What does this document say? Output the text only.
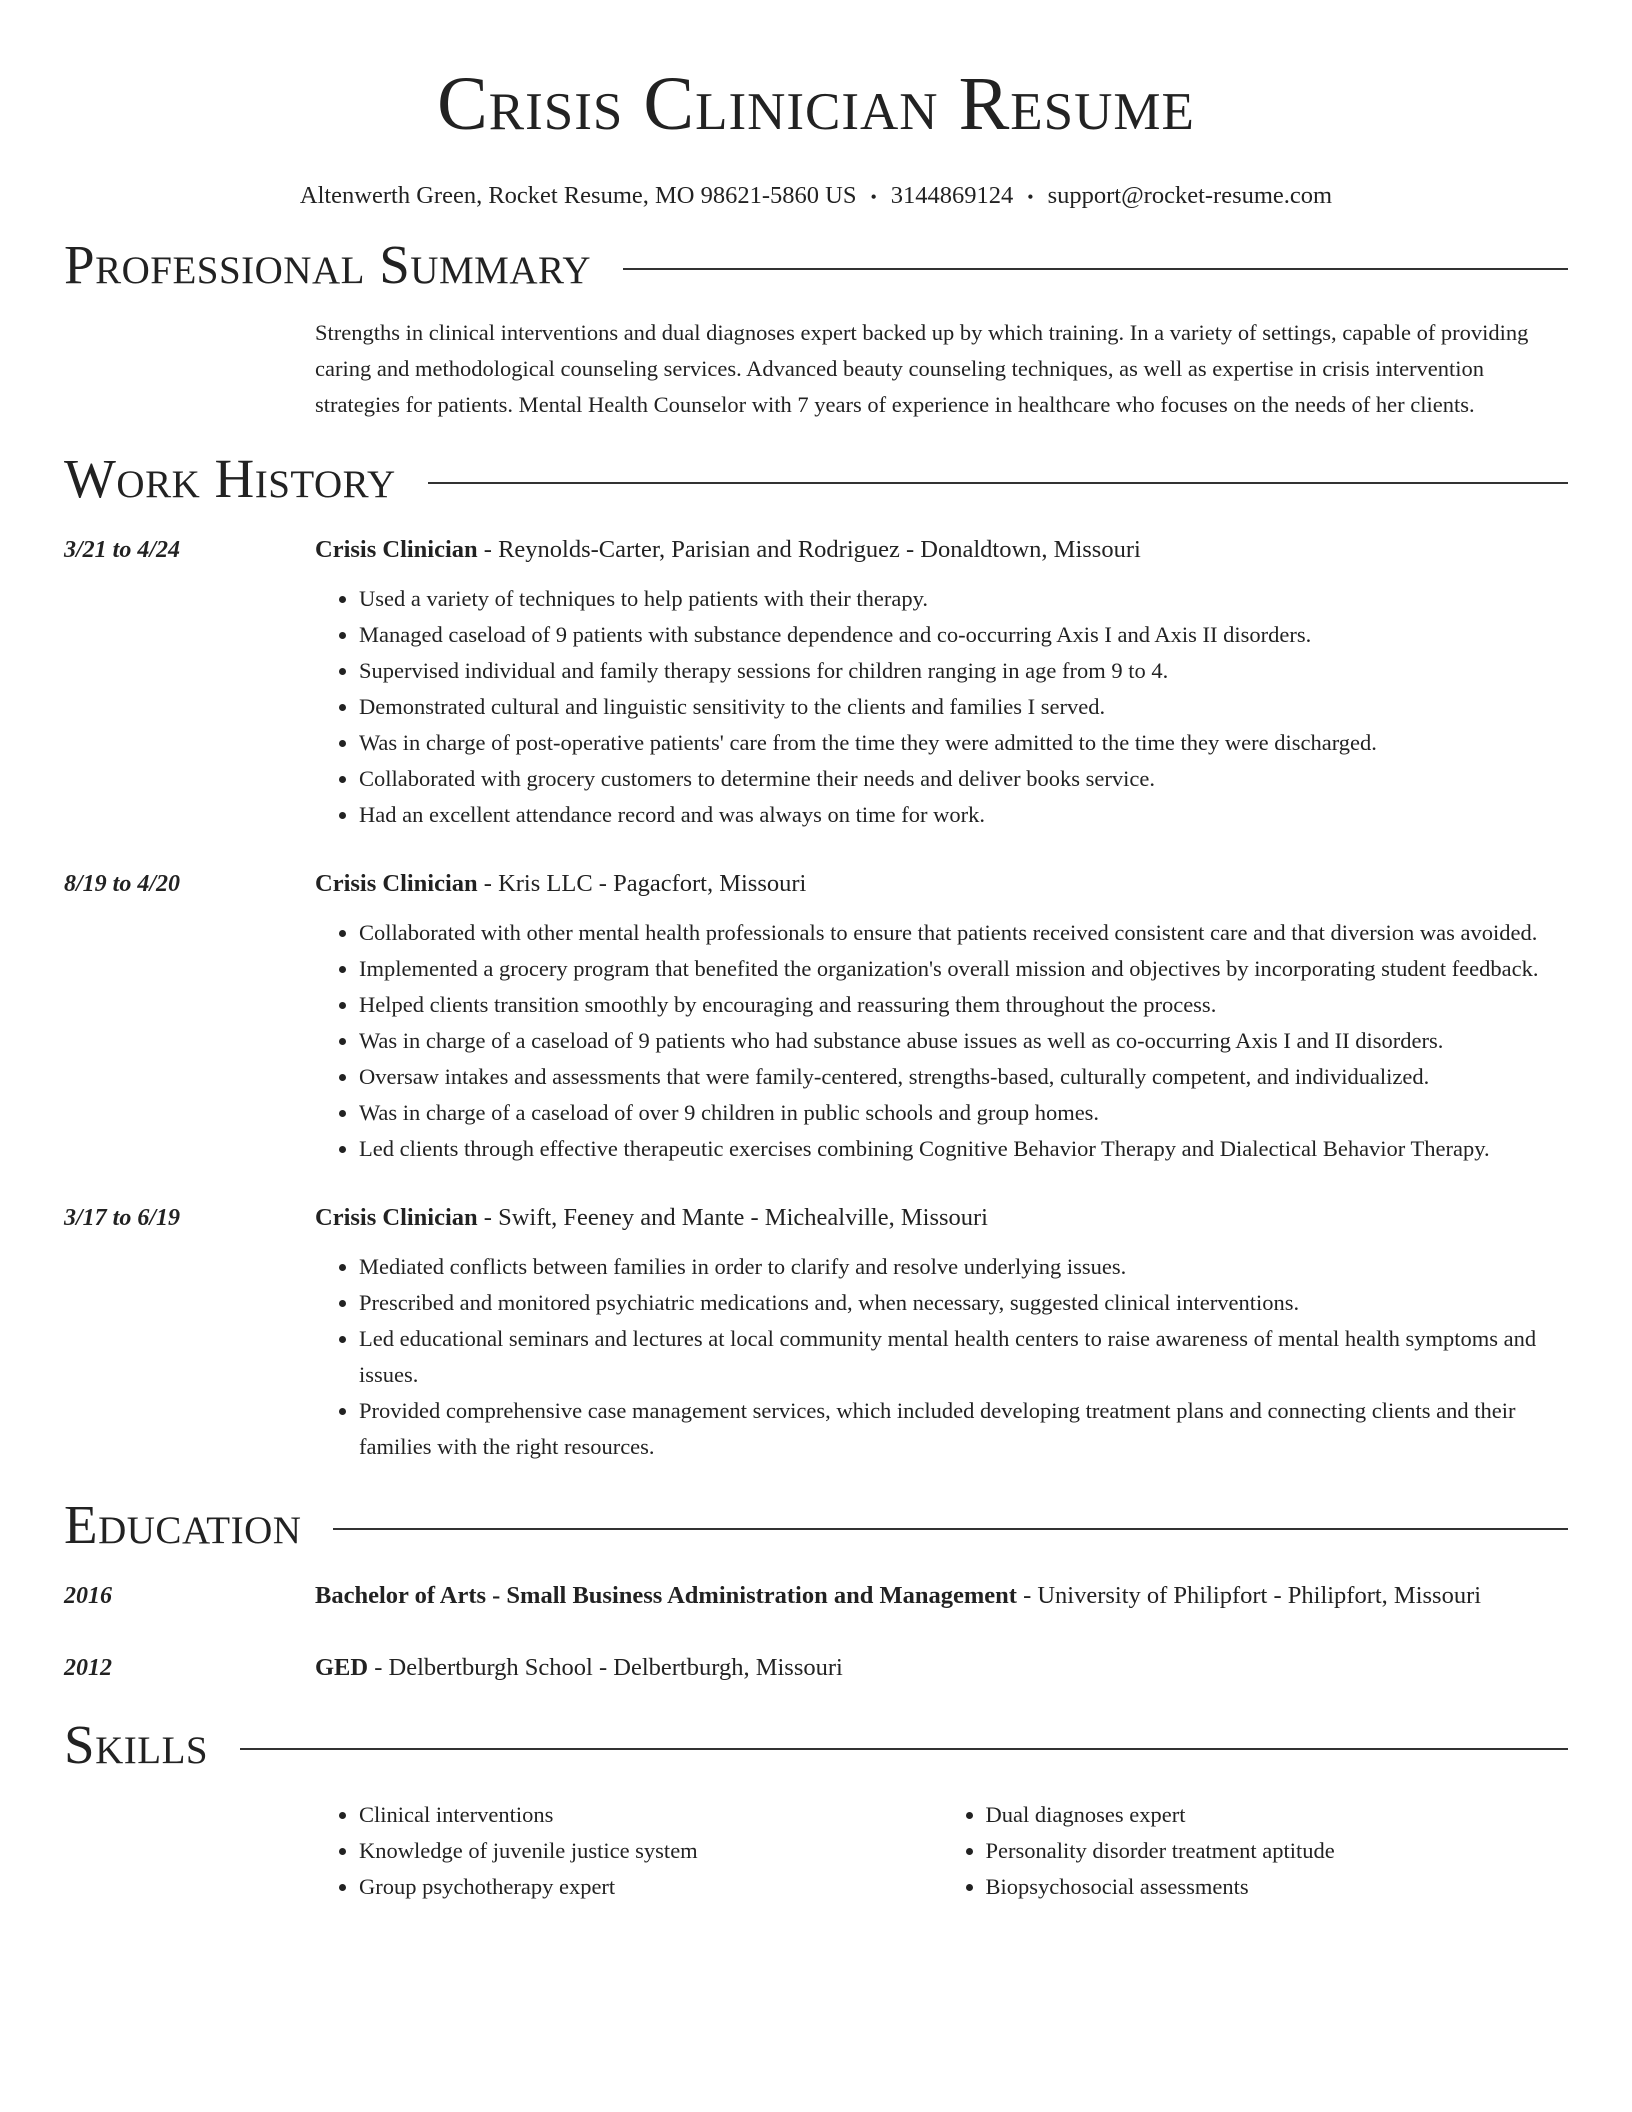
Crisis Clinician Resume
Altenwerth Green, Rocket Resume, MO 98621-5860 US • 3144869124 • support@rocket-resume.com
Professional Summary
Strengths in clinical interventions and dual diagnoses expert backed up by which training. In a variety of settings, capable of providing caring and methodological counseling services. Advanced beauty counseling techniques, as well as expertise in crisis intervention strategies for patients. Mental Health Counselor with 7 years of experience in healthcare who focuses on the needs of her clients.
Work History
3/21 to 4/24	Crisis Clinician - Reynolds-Carter, Parisian and Rodriguez - Donaldtown, Missouri
• Used a variety of techniques to help patients with their therapy.
• Managed caseload of 9 patients with substance dependence and co-occurring Axis I and Axis II disorders.
• Supervised individual and family therapy sessions for children ranging in age from 9 to 4.
• Demonstrated cultural and linguistic sensitivity to the clients and families I served.
• Was in charge of post-operative patients' care from the time they were admitted to the time they were discharged.
• Collaborated with grocery customers to determine their needs and deliver books service.
• Had an excellent attendance record and was always on time for work.
8/19 to 4/20	Crisis Clinician - Kris LLC - Pagacfort, Missouri
• Collaborated with other mental health professionals to ensure that patients received consistent care and that diversion was avoided.
• Implemented a grocery program that benefited the organization's overall mission and objectives by incorporating student feedback.
• Helped clients transition smoothly by encouraging and reassuring them throughout the process.
• Was in charge of a caseload of 9 patients who had substance abuse issues as well as co-occurring Axis I and II disorders.
• Oversaw intakes and assessments that were family-centered, strengths-based, culturally competent, and individualized.
• Was in charge of a caseload of over 9 children in public schools and group homes.
• Led clients through effective therapeutic exercises combining Cognitive Behavior Therapy and Dialectical Behavior Therapy.
3/17 to 6/19	Crisis Clinician - Swift, Feeney and Mante - Michealville, Missouri
• Mediated conflicts between families in order to clarify and resolve underlying issues.
• Prescribed and monitored psychiatric medications and, when necessary, suggested clinical interventions.
• Led educational seminars and lectures at local community mental health centers to raise awareness of mental health symptoms and issues.
• Provided comprehensive case management services, which included developing treatment plans and connecting clients and their families with the right resources.
Education
2016	Bachelor of Arts - Small Business Administration and Management - University of Philipfort - Philipfort, Missouri
2012	GED - Delbertburgh School - Delbertburgh, Missouri
Skills
• Clinical interventions
• Knowledge of juvenile justice system
• Group psychotherapy expert
• Dual diagnoses expert
• Personality disorder treatment aptitude
• Biopsychosocial assessments
